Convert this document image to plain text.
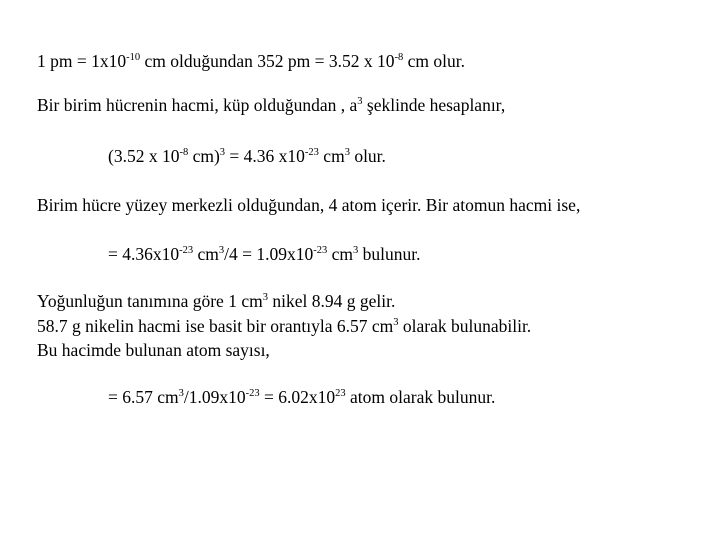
1 pm = $1x10^{-10}$ cm olduğundan 352 pm = 3.52 x $10^{-8}$ cm olur.
Bir birim hücrenin hacmi, küp olduğundan , $a^3$ şeklinde hesaplanır,
(3.52 x $10^{-8}$ cm)$^3$ = 4.36 $x10^{-23}$ $cm^3$ olur.
Birim hücre yüzey merkezli olduğundan, 4 atom içerir. Bir atomun hacmi ise,
= $4.36x10^{-23}$ $cm^3/4 = 1.09x10^{-23}$ $cm^3$ bulunur.
Yoğunluğun tanımına göre 1 $cm^3$ nikel 8.94 g gelir.
58.7 g nikelin hacmi ise basit bir orantıyla 6.57 $cm^3$ olarak bulunabilir.
Bu hacimde bulunan atom sayısı,
= 6.57 $cm^3/1.09x10^{-23} = 6.02x10^{23}$ atom olarak bulunur.
